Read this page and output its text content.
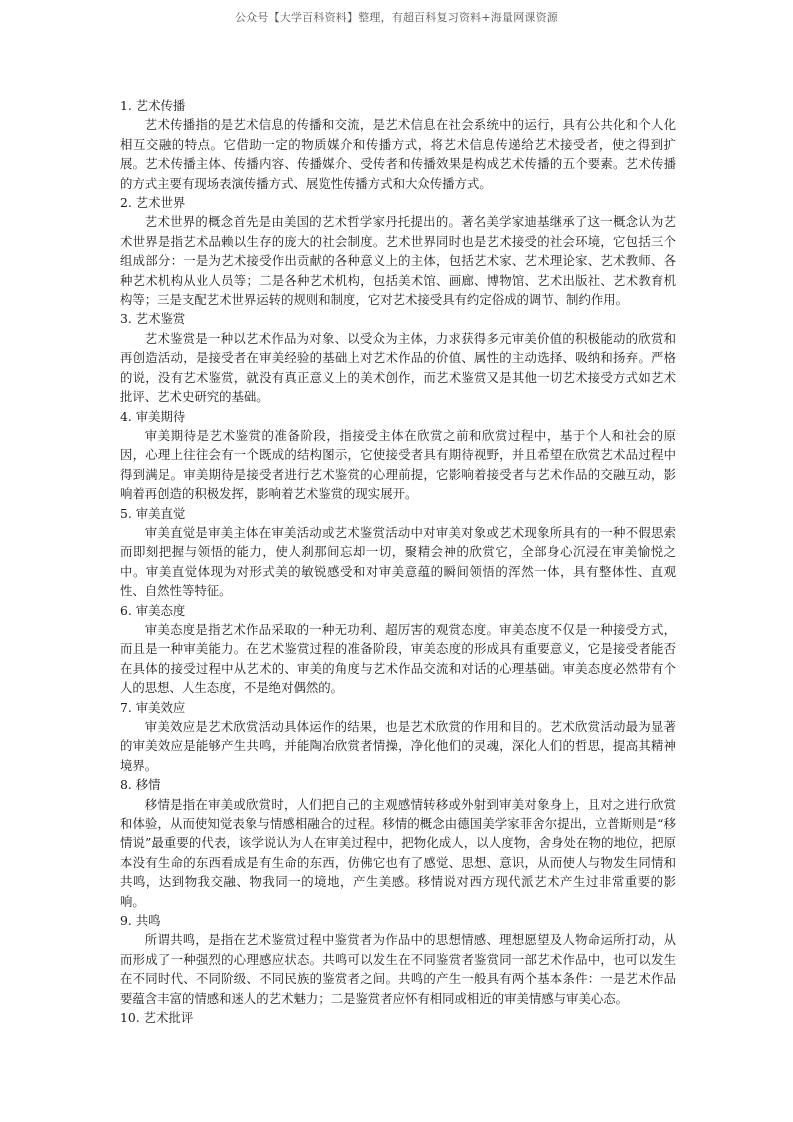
公众号【大学百科资料】整理，有超百科复习资料+海量网课资源

1. 艺术传播

艺术传播指的是艺术信息的传播和交流，是艺术信息在社会系统中的运行，具有公共化和个人化相互交融的特点。它借助一定的物质媒介和传播方式，将艺术信息传递给艺术接受者，使之得到扩展。艺术传播主体、传播内容、传播媒介、受传者和传播效果是构成艺术传播的五个要素。艺术传播的方式主要有现场表演传播方式、展览性传播方式和大众传播方式。

2. 艺术世界

艺术世界的概念首先是由美国的艺术哲学家丹托提出的。著名美学家迪基继承了这一概念认为艺术世界是指艺术品赖以生存的庞大的社会制度。艺术世界同时也是艺术接受的社会环境，它包括三个组成部分：一是为艺术接受作出贡献的各种意义上的主体，包括艺术家、艺术理论家、艺术教师、各种艺术机构从业人员等；二是各种艺术机构，包括美术馆、画廊、博物馆、艺术出版社、艺术教育机构等；三是支配艺术世界运转的规则和制度，它对艺术接受具有约定俗成的调节、制约作用。

3. 艺术鉴赏

艺术鉴赏是一种以艺术作品为对象、以受众为主体，力求获得多元审美价值的积极能动的欣赏和再创造活动，是接受者在审美经验的基础上对艺术作品的价值、属性的主动选择、吸纳和扬弃。严格的说，没有艺术鉴赏，就没有真正意义上的美术创作，而艺术鉴赏又是其他一切艺术接受方式如艺术批评、艺术史研究的基础。

4. 审美期待

审美期待是艺术鉴赏的准备阶段，指接受主体在欣赏之前和欣赏过程中，基于个人和社会的原因，心理上往往会有一个既成的结构图示，它使接受者具有期待视野，并且希望在欣赏艺术品过程中得到满足。审美期待是接受者进行艺术鉴赏的心理前提，它影响着接受者与艺术作品的交融互动，影响着再创造的积极发挥，影响着艺术鉴赏的现实展开。

5. 审美直觉

审美直觉是审美主体在审美活动或艺术鉴赏活动中对审美对象或艺术现象所具有的一种不假思索而即刻把握与领悟的能力，使人刹那间忘却一切，聚精会神的欣赏它，全部身心沉浸在审美愉悦之中。审美直觉体现为对形式美的敏锐感受和对审美意蕴的瞬间领悟的浑然一体，具有整体性、直观性、自然性等特征。

6. 审美态度

审美态度是指艺术作品采取的一种无功利、超厉害的观赏态度。审美态度不仅是一种接受方式，而且是一种审美能力。在艺术鉴赏过程的准备阶段，审美态度的形成具有重要意义，它是接受者能否在具体的接受过程中从艺术的、审美的角度与艺术作品交流和对话的心理基础。审美态度必然带有个人的思想、人生态度，不是绝对偶然的。

7. 审美效应

审美效应是艺术欣赏活动具体运作的结果，也是艺术欣赏的作用和目的。艺术欣赏活动最为显著的审美效应是能够产生共鸣，并能陶冶欣赏者情操，净化他们的灵魂，深化人们的哲思，提高其精神境界。

8. 移情

移情是指在审美或欣赏时，人们把自己的主观感情转移或外射到审美对象身上，且对之进行欣赏和体验，从而使知觉表象与情感相融合的过程。移情的概念由德国美学家菲舍尔提出，立普斯则是“移情说”最重要的代表，该学说认为人在审美过程中，把物化成人，以人度物，舍身处在物的地位，把原本没有生命的东西看成是有生命的东西，仿佛它也有了感觉、思想、意识，从而使人与物发生同情和共鸣，达到物我交融、物我同一的境地，产生美感。移情说对西方现代派艺术产生过非常重要的影响。

9. 共鸣

所谓共鸣，是指在艺术鉴赏过程中鉴赏者为作品中的思想情感、理想愿望及人物命运所打动，从而形成了一种强烈的心理感应状态。共鸣可以发生在不同鉴赏者鉴赏同一部艺术作品中，也可以发生在不同时代、不同阶级、不同民族的鉴赏者之间。共鸣的产生一般具有两个基本条件：一是艺术作品要蕴含丰富的情感和迷人的艺术魅力；二是鉴赏者应怀有相同或相近的审美情感与审美心态。

10. 艺术批评
